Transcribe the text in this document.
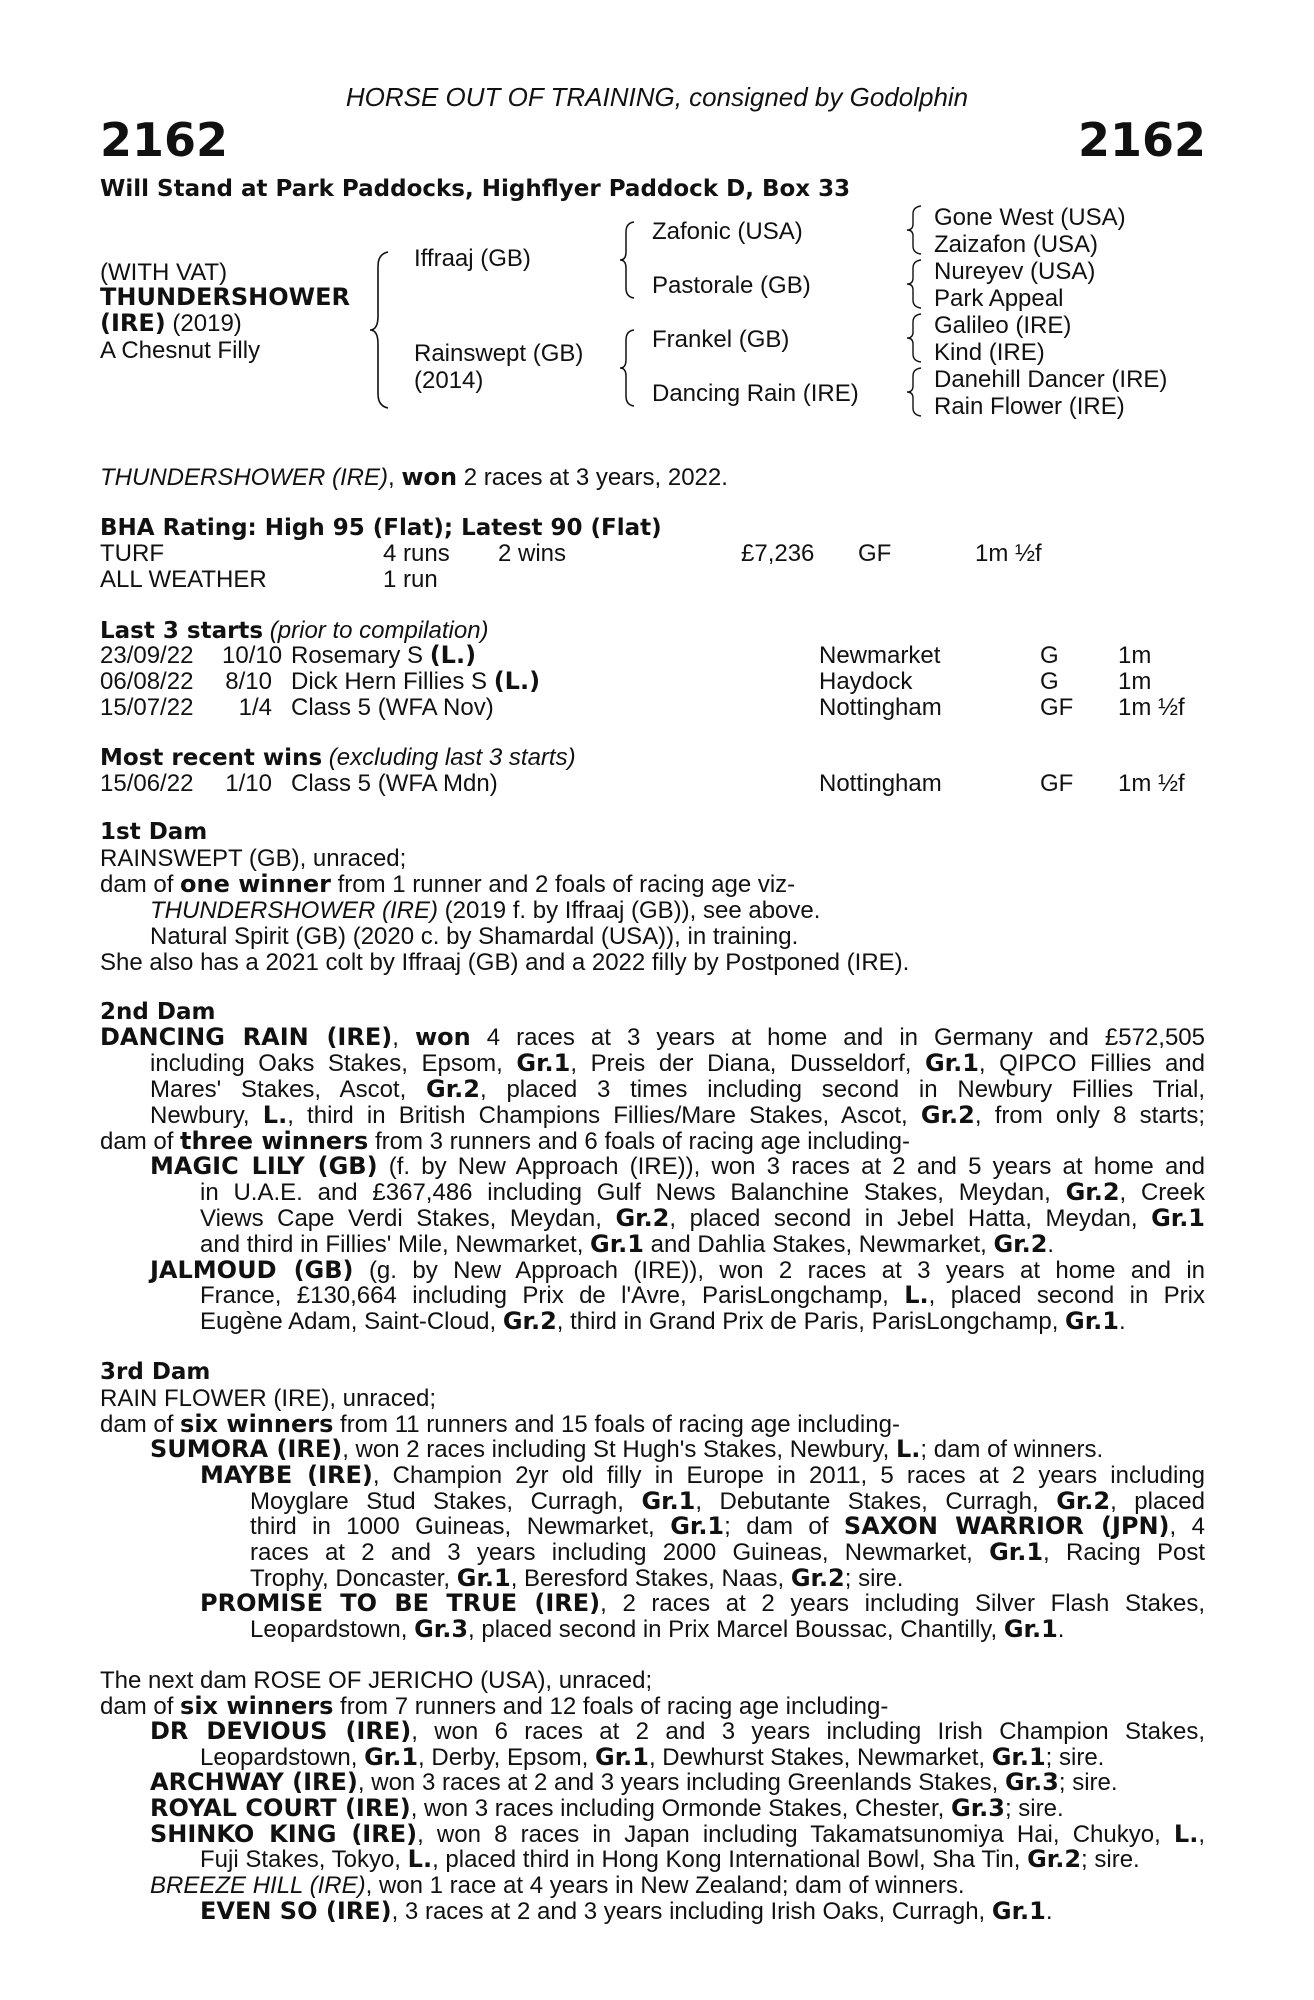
HORSE OUT OF TRAINING, consigned by Godolphin
2162	2162
Will Stand at Park Paddocks, Highflyer Paddock D, Box 33
(WITH VAT)
THUNDERSHOWER
(IRE) (2019)
A Chesnut Filly
Iffraaj (GB)
Rainswept (GB)
(2014)
Zafonic (USA)
Pastorale (GB)
Frankel (GB)
Dancing Rain (IRE)
Gone West (USA)
Zaizafon (USA)
Nureyev (USA)
Park Appeal
Galileo (IRE)
Kind (IRE)
Danehill Dancer (IRE)
Rain Flower (IRE)
THUNDERSHOWER (IRE), won 2 races at 3 years, 2022.
BHA Rating: High 95 (Flat); Latest 90 (Flat)
TURF	4 runs 2 wins	£7,236 GF	1m ½f
ALL WEATHER	1 run
Last 3 starts (prior to compilation)
23/09/22 10/10 Rosemary S (L.)	Newmarket	G 1m
06/08/22 8/10 Dick Hern Fillies S (L.)	Haydock	G 1m
15/07/22	1/4 Class 5 (WFA Nov)	Nottingham	GF 1m ½f
Most recent wins (excluding last 3 starts)
15/06/22 1/10 Class 5 (WFA Mdn)	Nottingham	GF 1m ½f
1st Dam
RAINSWEPT (GB), unraced;
dam of one winner from 1 runner and 2 foals of racing age viz-
THUNDERSHOWER (IRE) (2019 f. by Iffraaj (GB)), see above.
Natural Spirit (GB) (2020 c. by Shamardal (USA)), in training.
She also has a 2021 colt by Iffraaj (GB) and a 2022 filly by Postponed (IRE).
2nd Dam
DANCING RAIN (IRE), won 4 races at 3 years at home and in Germany and £572,505
including Oaks Stakes, Epsom, Gr.1, Preis der Diana, Dusseldorf, Gr.1, QIPCO Fillies and
Mares' Stakes, Ascot, Gr.2, placed 3 times including second in Newbury Fillies Trial,
Newbury, L., third in British Champions Fillies/Mare Stakes, Ascot, Gr.2, from only 8 starts;
dam of three winners from 3 runners and 6 foals of racing age including-
MAGIC LILY (GB) (f. by New Approach (IRE)), won 3 races at 2 and 5 years at home and
in U.A.E. and £367,486 including Gulf News Balanchine Stakes, Meydan, Gr.2, Creek
Views Cape Verdi Stakes, Meydan, Gr.2, placed second in Jebel Hatta, Meydan, Gr.1
and third in Fillies' Mile, Newmarket, Gr.1 and Dahlia Stakes, Newmarket, Gr.2.
JALMOUD (GB) (g. by New Approach (IRE)), won 2 races at 3 years at home and in
France, £130,664 including Prix de l'Avre, ParisLongchamp, L., placed second in Prix
Eugène Adam, Saint-Cloud, Gr.2, third in Grand Prix de Paris, ParisLongchamp, Gr.1.
3rd Dam
RAIN FLOWER (IRE), unraced;
dam of six winners from 11 runners and 15 foals of racing age including-
SUMORA (IRE), won 2 races including St Hugh's Stakes, Newbury, L.; dam of winners.
MAYBE (IRE), Champion 2yr old filly in Europe in 2011, 5 races at 2 years including
Moyglare Stud Stakes, Curragh, Gr.1, Debutante Stakes, Curragh, Gr.2, placed
third in 1000 Guineas, Newmarket, Gr.1; dam of SAXON WARRIOR (JPN), 4
races at 2 and 3 years including 2000 Guineas, Newmarket, Gr.1, Racing Post
Trophy, Doncaster, Gr.1, Beresford Stakes, Naas, Gr.2; sire.
PROMISE TO BE TRUE (IRE), 2 races at 2 years including Silver Flash Stakes,
Leopardstown, Gr.3, placed second in Prix Marcel Boussac, Chantilly, Gr.1.
The next dam ROSE OF JERICHO (USA), unraced;
dam of six winners from 7 runners and 12 foals of racing age including-
DR DEVIOUS (IRE), won 6 races at 2 and 3 years including Irish Champion Stakes,
Leopardstown, Gr.1, Derby, Epsom, Gr.1, Dewhurst Stakes, Newmarket, Gr.1; sire.
ARCHWAY (IRE), won 3 races at 2 and 3 years including Greenlands Stakes, Gr.3; sire.
ROYAL COURT (IRE), won 3 races including Ormonde Stakes, Chester, Gr.3; sire.
SHINKO KING (IRE), won 8 races in Japan including Takamatsunomiya Hai, Chukyo, L.,
Fuji Stakes, Tokyo, L., placed third in Hong Kong International Bowl, Sha Tin, Gr.2; sire.
BREEZE HILL (IRE), won 1 race at 4 years in New Zealand; dam of winners.
EVEN SO (IRE), 3 races at 2 and 3 years including Irish Oaks, Curragh, Gr.1.
